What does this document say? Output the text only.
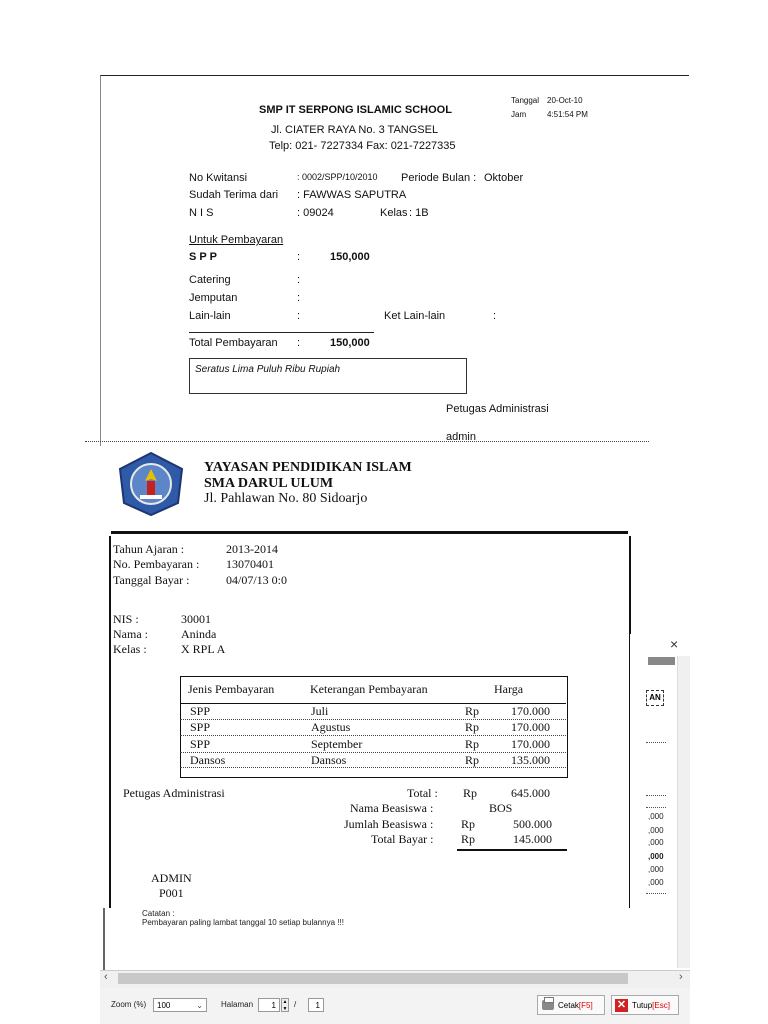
SMP IT SERPONG ISLAMIC SCHOOL
Tanggal 20-Oct-10
Jam	4:51:54 PM
Jl. CIATER RAYA No. 3 TANGSEL
Telp: 021- 7227334 Fax: 021-7227335
No Kwitansi	: 0002/SPP/10/2010 Periode Bulan : Oktober
Sudah Terima dari : FAWWAS SAPUTRA
N I S	: 09024	Kelas : 1B
Untuk Pembayaran
S P P	:	150,000
Catering	:
Jemputan	:
Lain-lain	:	Ket Lain-lain	:
Total Pembayaran :	150,000
Seratus Lima Puluh Ribu Rupiah
Petugas Administrasi
admin
YAYASAN PENDIDIKAN ISLAM
SMA DARUL ULUM
Jl. Pahlawan No. 80 Sidoarjo
Tahun Ajaran :	2013-2014
No. Pembayaran : 13070401
Tanggal Bayar :	04/07/13 0:0
NIS :	30001
Nama :	Aninda
Kelas :	X RPL A
Jenis Pembayaran	Keterangan Pembayaran	Harga
SPP	Juli	Rp	170.000
SPP	Agustus	Rp	170.000
SPP	September	Rp	170.000
Dansos	Dansos	Rp	135.000
Petugas Administrasi	Total : Rp	645.000
Nama Beasiswa :	BOS
Jumlah Beasiswa : Rp	500.000
Total Bayar : Rp	145.000
ADMIN
P001
×
AN
,000
,000
,000
,000
,000
,000
Catatan :
Pembayaran paling lambat tanggal 10 setiap bulannya !!!
‹	›
Zoom (%)	100	⌄ Halaman	1	▲
▼ /	1	Cetak[F5]	✕ Tutup[Esc]
